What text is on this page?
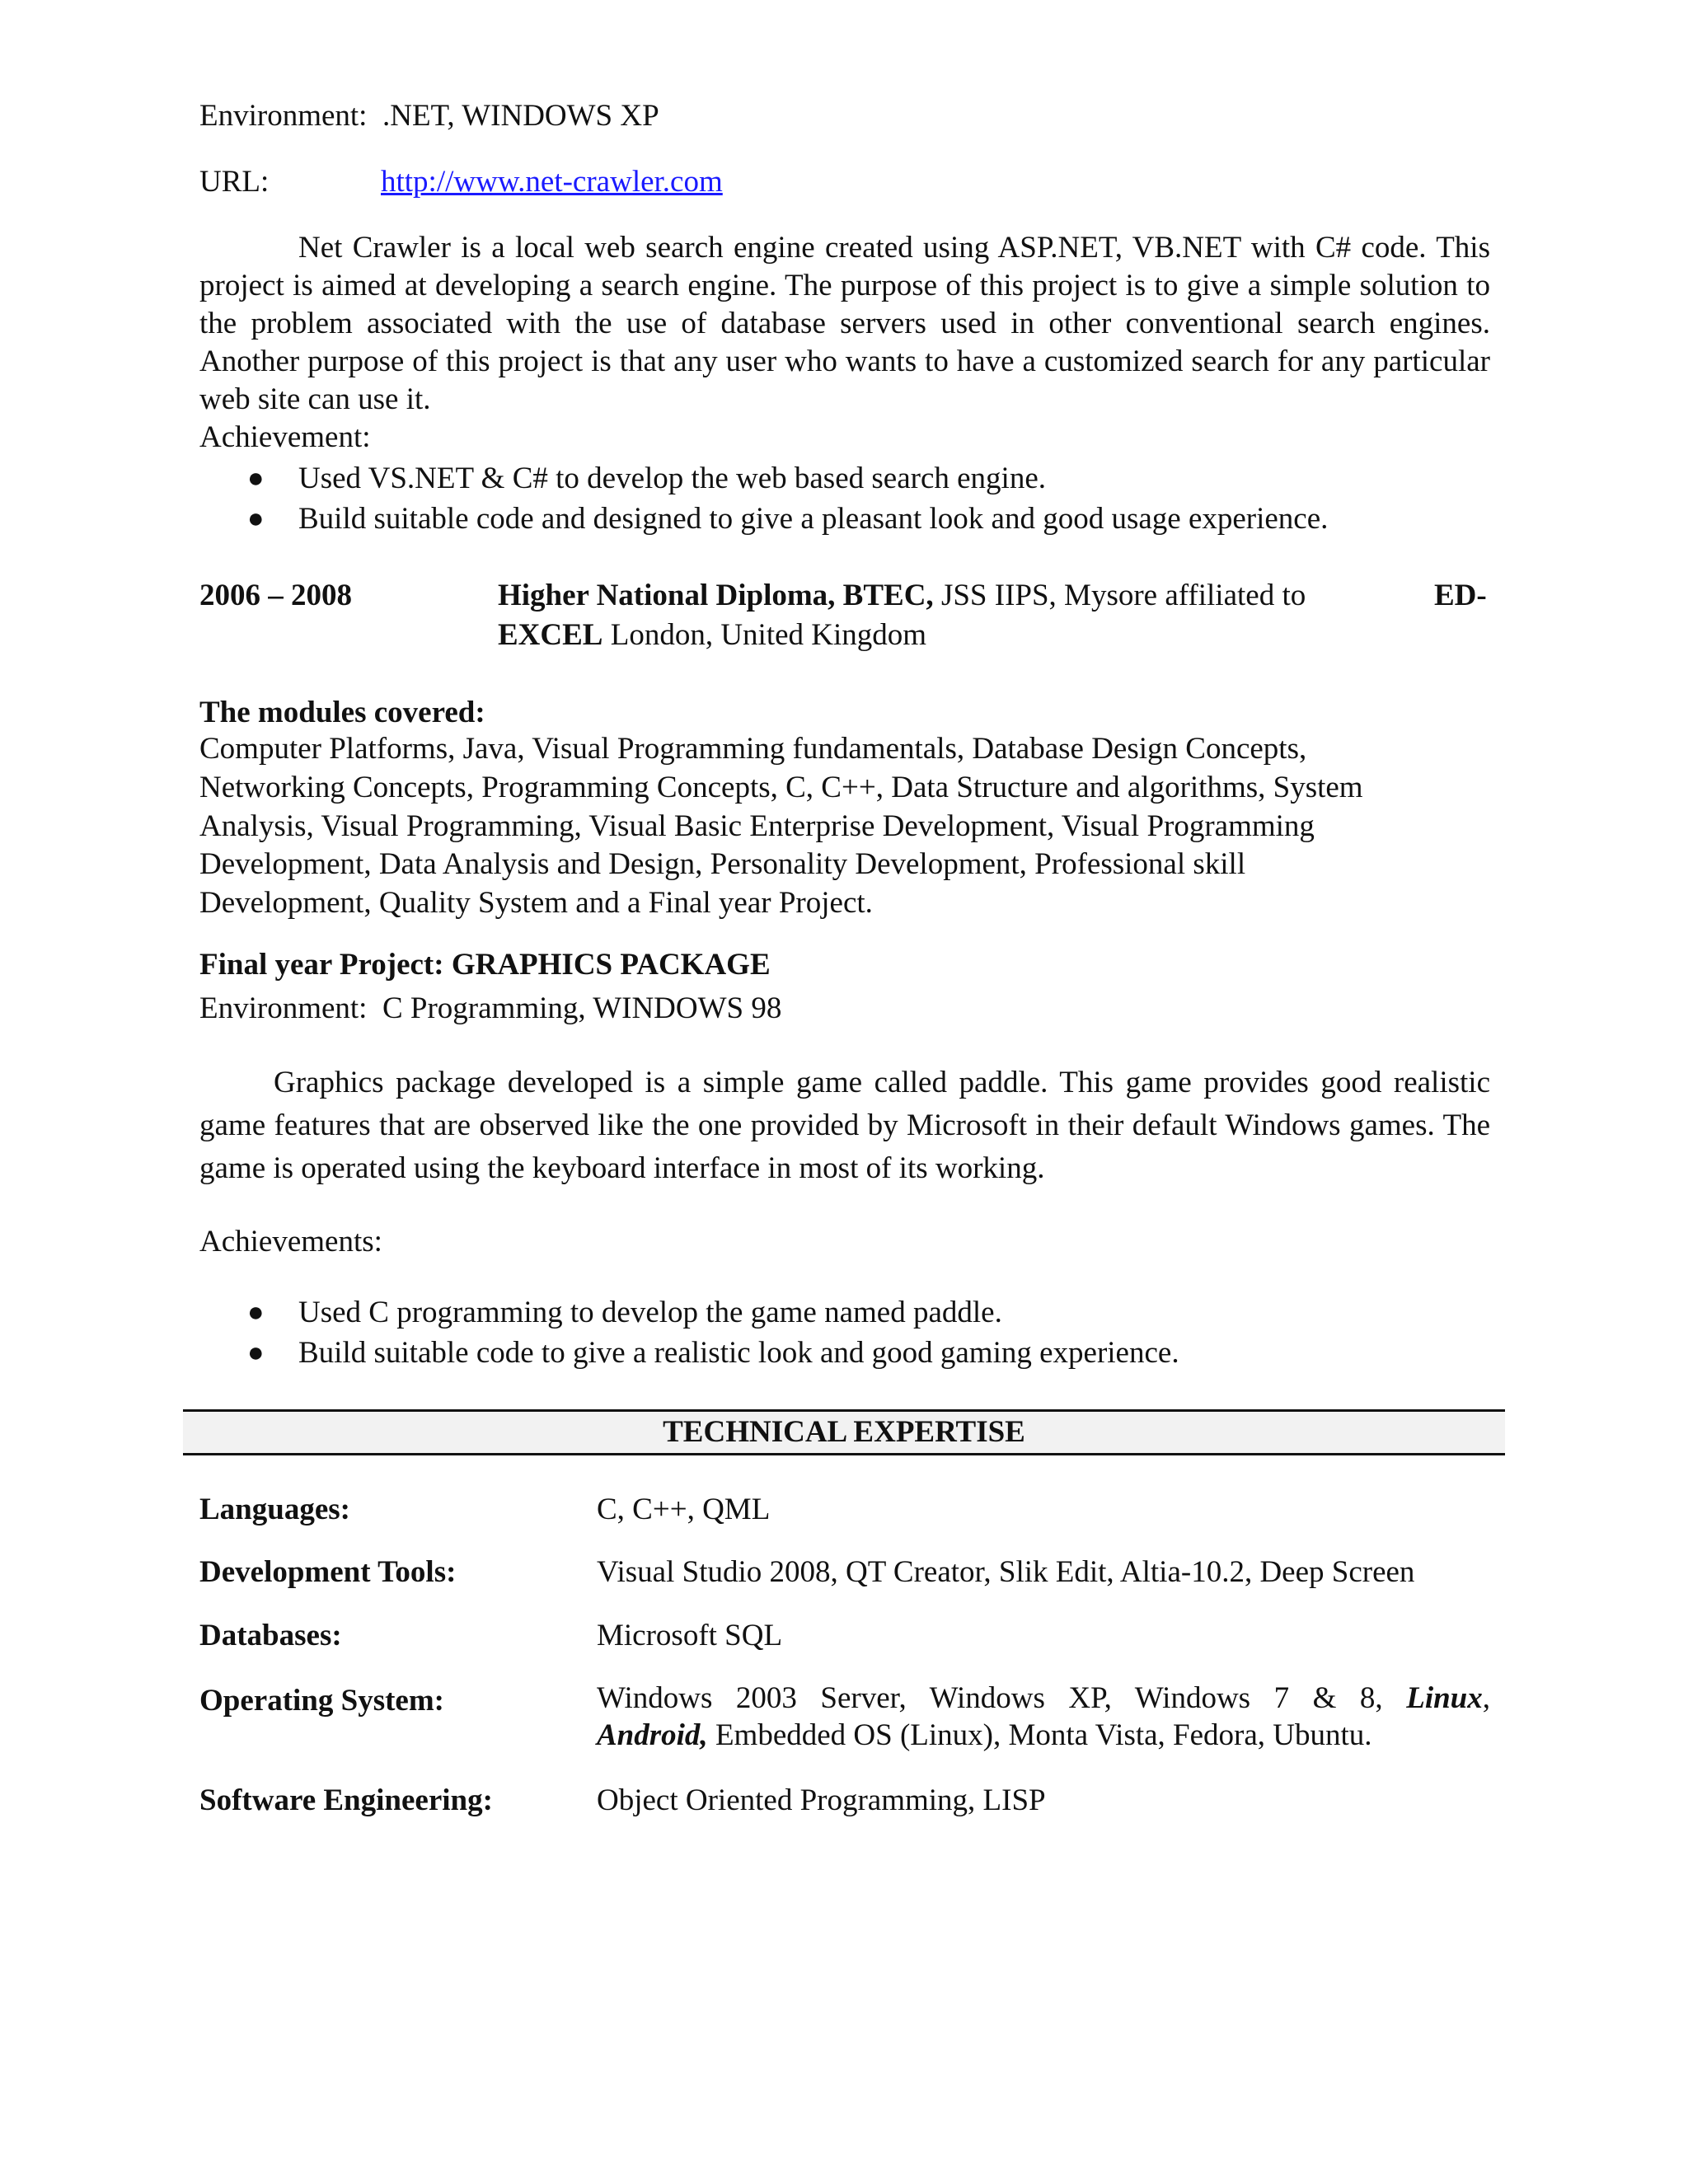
Environment: .NET, WINDOWS XP
URL:	http://www.net-crawler.com
Net Crawler is a local web search engine created using ASP.NET, VB.NET with C# code. This project is aimed at developing a search engine. The purpose of this project is to give a simple solution to the problem associated with the use of database servers used in other conventional search engines. Another purpose of this project is that any user who wants to have a customized search for any particular web site can use it.
Achievement:
● Used VS.NET & C# to develop the web based search engine.
● Build suitable code and designed to give a pleasant look and good usage experience.
2006 – 2008	Higher National Diploma, BTEC, JSS IIPS, Mysore affiliated to	ED-
EXCEL London, United Kingdom
The modules covered:
Computer Platforms, Java, Visual Programming fundamentals, Database Design Concepts,
Networking Concepts, Programming Concepts, C, C++, Data Structure and algorithms, System
Analysis, Visual Programming, Visual Basic Enterprise Development, Visual Programming
Development, Data Analysis and Design, Personality Development, Professional skill
Development, Quality System and a Final year Project.
Final year Project: GRAPHICS PACKAGE
Environment: C Programming, WINDOWS 98
Graphics package developed is a simple game called paddle. This game provides good realistic game features that are observed like the one provided by Microsoft in their default Windows games. The game is operated using the keyboard interface in most of its working.
Achievements:
● Used C programming to develop the game named paddle.
● Build suitable code to give a realistic look and good gaming experience.
TECHNICAL EXPERTISE
Languages:	C, C++, QML
Development Tools:	Visual Studio 2008, QT Creator, Slik Edit, Altia-10.2, Deep Screen
Databases:	Microsoft SQL
Operating System:	Windows 2003 Server, Windows XP, Windows 7 & 8, Linux,
Android, Embedded OS (Linux), Monta Vista, Fedora, Ubuntu.
Software Engineering:	Object Oriented Programming, LISP
